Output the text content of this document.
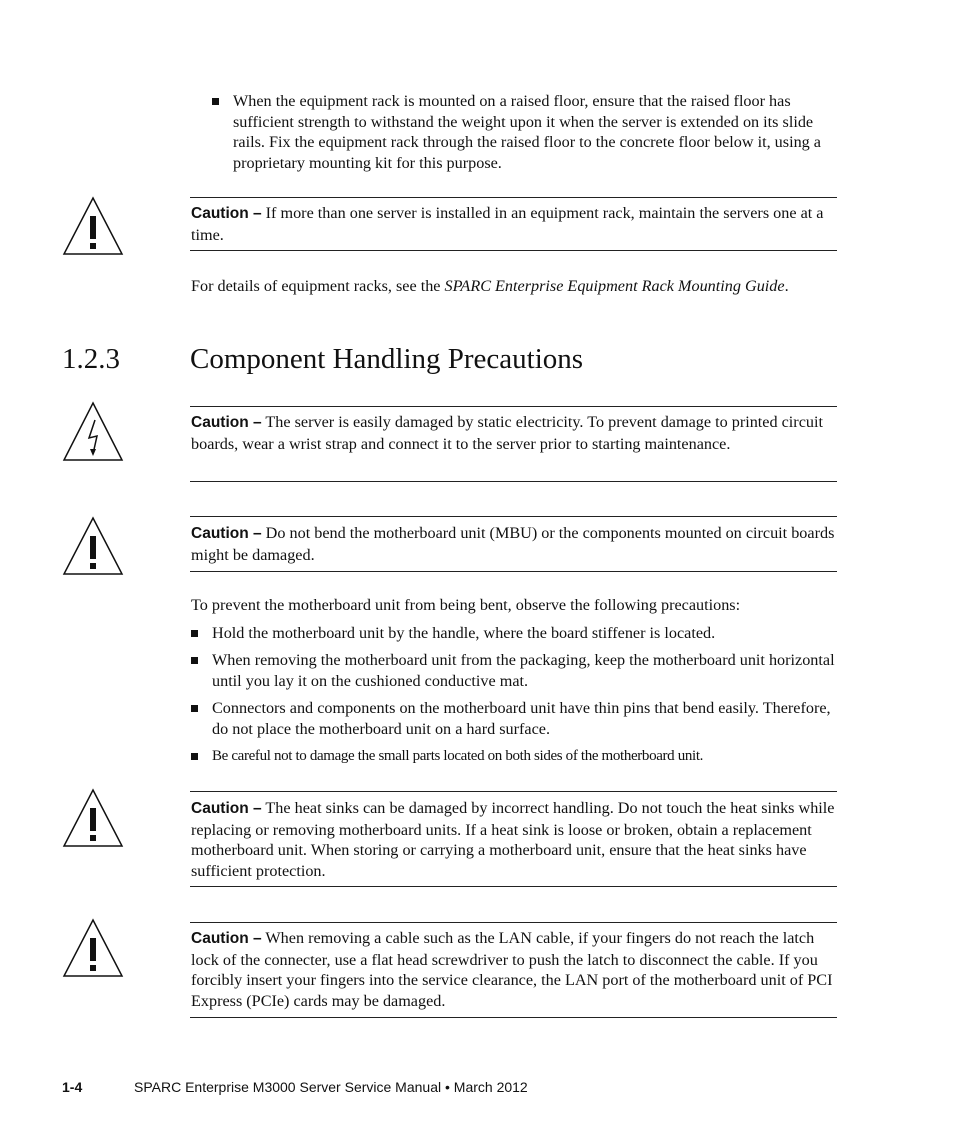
When the equipment rack is mounted on a raised floor, ensure that the raised floor has sufficient strength to withstand the weight upon it when the server is extended on its slide rails. Fix the equipment rack through the raised floor to the concrete floor below it, using a proprietary mounting kit for this purpose.
Caution – If more than one server is installed in an equipment rack, maintain the servers one at a time.
For details of equipment racks, see the SPARC Enterprise Equipment Rack Mounting Guide.
1.2.3 Component Handling Precautions
Caution – The server is easily damaged by static electricity. To prevent damage to printed circuit boards, wear a wrist strap and connect it to the server prior to starting maintenance.
Caution – Do not bend the motherboard unit (MBU) or the components mounted on circuit boards might be damaged.
To prevent the motherboard unit from being bent, observe the following precautions:
Hold the motherboard unit by the handle, where the board stiffener is located.
When removing the motherboard unit from the packaging, keep the motherboard unit horizontal until you lay it on the cushioned conductive mat.
Connectors and components on the motherboard unit have thin pins that bend easily. Therefore, do not place the motherboard unit on a hard surface.
Be careful not to damage the small parts located on both sides of the motherboard unit.
Caution – The heat sinks can be damaged by incorrect handling. Do not touch the heat sinks while replacing or removing motherboard units. If a heat sink is loose or broken, obtain a replacement motherboard unit. When storing or carrying a motherboard unit, ensure that the heat sinks have sufficient protection.
Caution – When removing a cable such as the LAN cable, if your fingers do not reach the latch lock of the connecter, use a flat head screwdriver to push the latch to disconnect the cable. If you forcibly insert your fingers into the service clearance, the LAN port of the motherboard unit of PCI Express (PCIe) cards may be damaged.
1-4	SPARC Enterprise M3000 Server Service Manual • March 2012
